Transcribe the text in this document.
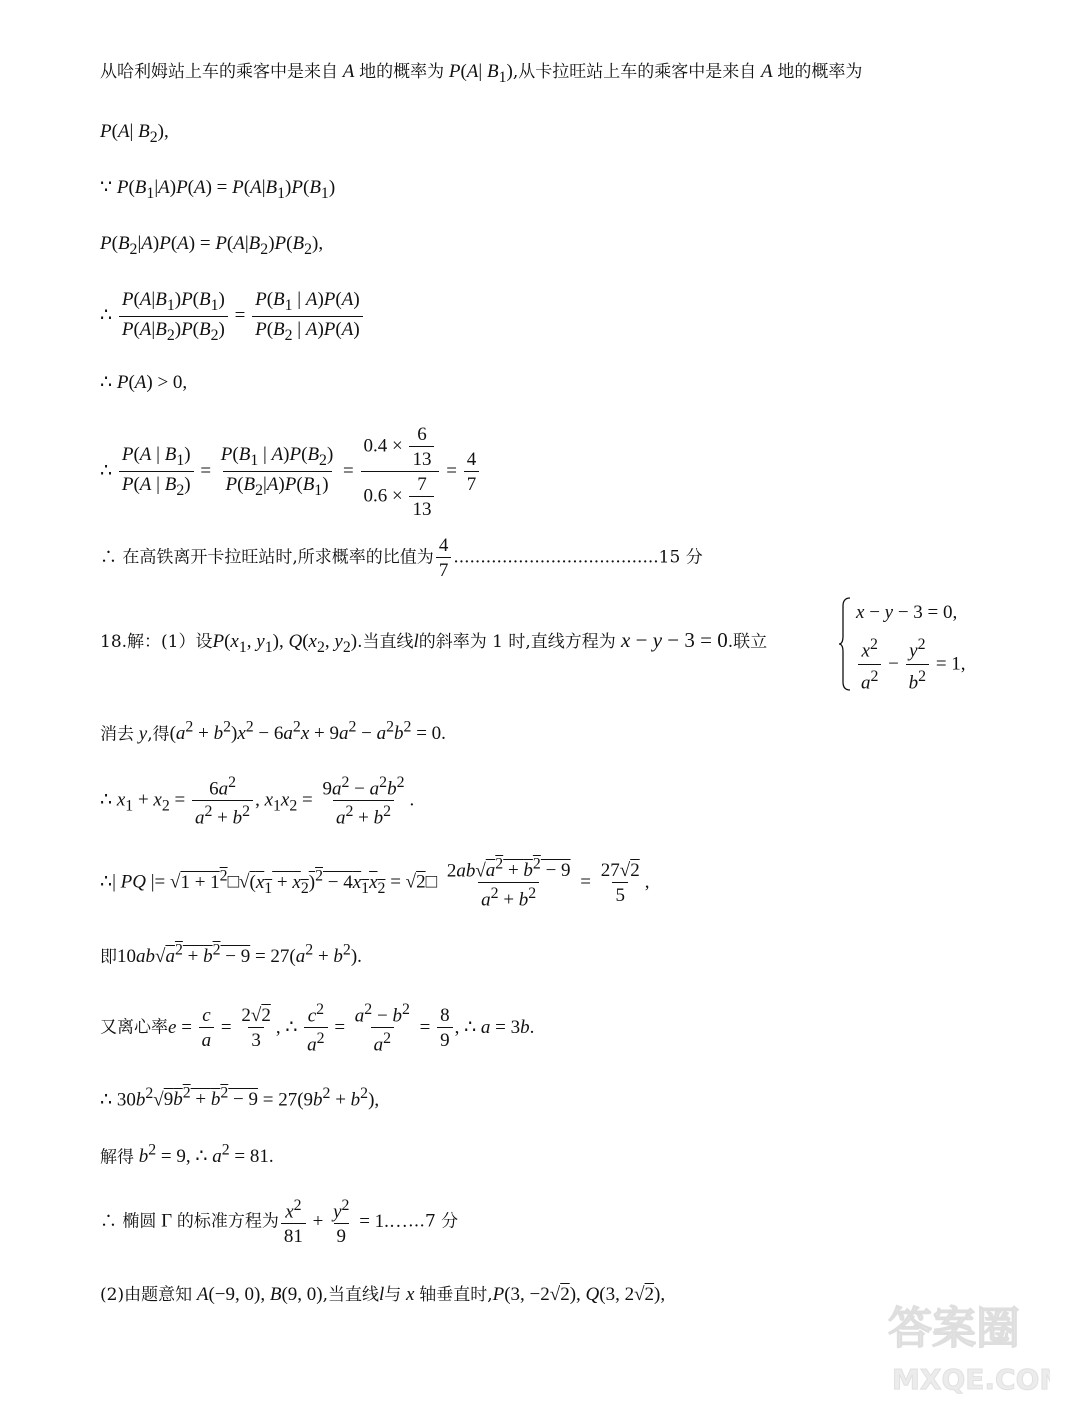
从哈利姆站上车的乘客中是来自 A 地的概率为 P(A| $B_1$),从卡拉旺站上车的乘客中是来自 A 地的概率为
P(A| $B_2$),
∵ $P(B_1|A)P(A) = P(A|B_1)P(B_1)$
$P(B_2|A)P(A) = P(A|B_2)P(B_2)$,
∴ $\frac{P(A|B_1)P(B_1)}{P(A|B_2)P(B_2)} = \frac{P(B_1 | A)P(A)}{P(B_2 | A)P(A)}$
∴ P(A) > 0,
∴ $\frac{P(A | B_1)}{P(A | B_2)} = \frac{P(B_1 | A)P(B_2)}{P(B_2|A)P(B_1)} = \frac{0.4 \times \frac{6}{13}}{0.6 \times \frac{7}{13}} = \frac{4}{7}$
∴ 在高铁离开卡拉旺站时,所求概率的比值为 $\frac{4}{7} ......................................15$ 分
18.解：(1）设$P(x_1$, $y_1$), $Q(x_2$, $y_2$).当直线l的斜率为 1 时,直线方程为 x − y − 3 = 0.联立
x − y − 3 = 0,
$\frac{x^2}{a^2} - \frac{y^2}{b^2} = 1$,
消去 y,得$(a^2 + b^2)x^2 - 6a^2x + 9a^2 - a^2b^2 = 0$.
∴ $x_1 + x_2 = \frac{6a^2}{a^2 + b^2}$ , $x_1x_2 = \frac{9a^2 - a^2b^2}{a^2 + b^2}$ .
∴| PQ |= $√1 + 1^2□√(x_1 + x_2)^2 - 4x_1x_2$ = √2□ $\frac{2ab√a^2 + b^2 - 9}{a^2 + b^2} = \frac{27√2}{5}$ ,
即$10ab√a^2 + b^2 - 9 = 27(a^2 + b^2)$.
又离心率$e = \frac{c}{a} = \frac{2√2}{3}$ , ∴ $\frac{c^2}{a^2} = \frac{a^2 - b^2}{a^2} = \frac{8}{9}$ , ∴ a = 3b.
∴ $30b^2√9b^2 + b^2 - 9 = 27(9b^2 + b^2)$,
解得 $b^2 = 9$, ∴ $a^2 = 81$.
∴ 椭圆 Γ 的标准方程为 $\frac{x^2}{81} + \frac{y^2}{9}$ = 1.……7 分
(2)由题意知 A(−9, 0), B(9, 0),当直线l与 x 轴垂直时,P(3, −2√2), Q(3, 2√2),
答案圈
MXQE.COM
